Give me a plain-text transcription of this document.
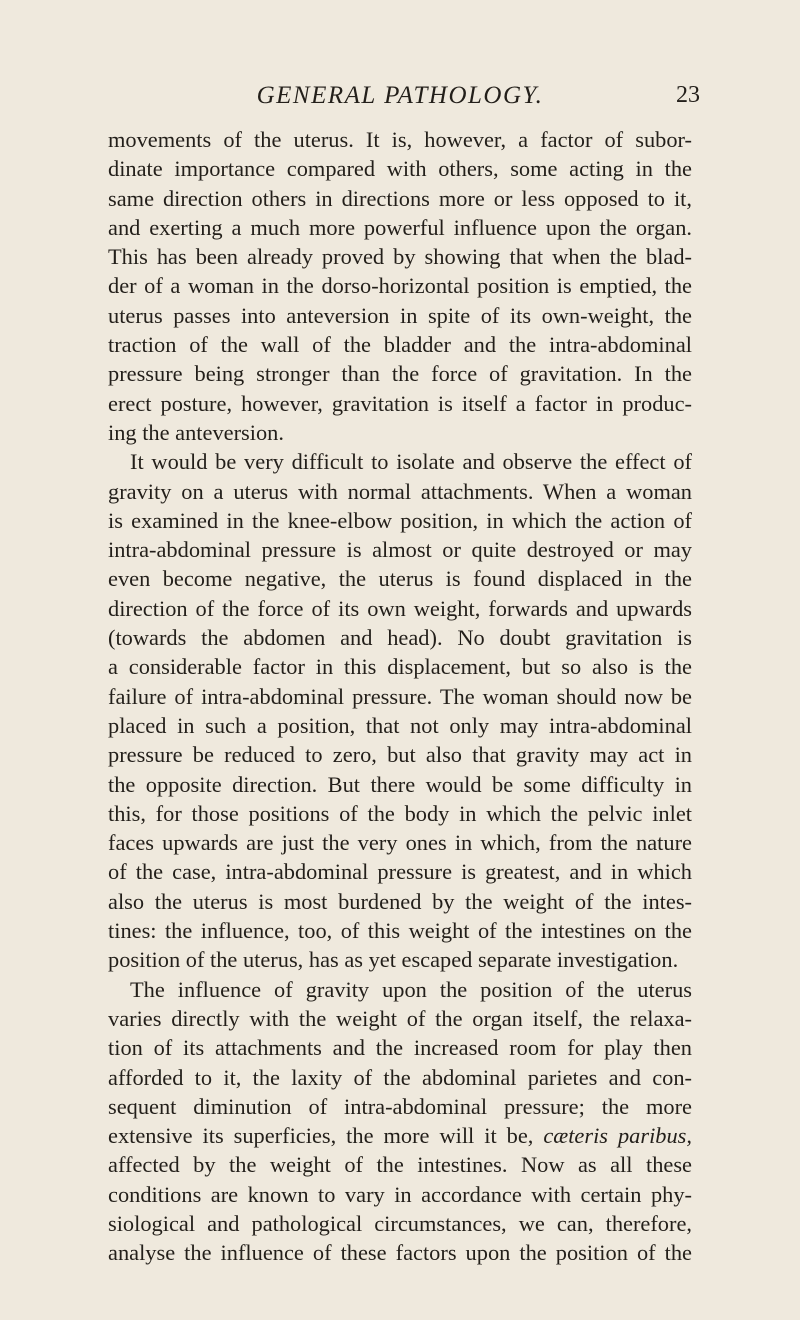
GENERAL PATHOLOGY.	23
movements of the uterus. It is, however, a factor of subor-
dinate importance compared with others, some acting in the
same direction others in directions more or less opposed to it,
and exerting a much more powerful influence upon the organ.
This has been already proved by showing that when the blad-
der of a woman in the dorso-horizontal position is emptied, the
uterus passes into anteversion in spite of its own-weight, the
traction of the wall of the bladder and the intra-abdominal
pressure being stronger than the force of gravitation. In the
erect posture, however, gravitation is itself a factor in produc-
ing the anteversion.
It would be very difficult to isolate and observe the effect of
gravity on a uterus with normal attachments. When a woman
is examined in the knee-elbow position, in which the action of
intra-abdominal pressure is almost or quite destroyed or may
even become negative, the uterus is found displaced in the
direction of the force of its own weight, forwards and upwards
(towards the abdomen and head). No doubt gravitation is
a considerable factor in this displacement, but so also is the
failure of intra-abdominal pressure. The woman should now be
placed in such a position, that not only may intra-abdominal
pressure be reduced to zero, but also that gravity may act in
the opposite direction. But there would be some difficulty in
this, for those positions of the body in which the pelvic inlet
faces upwards are just the very ones in which, from the nature
of the case, intra-abdominal pressure is greatest, and in which
also the uterus is most burdened by the weight of the intes-
tines: the influence, too, of this weight of the intestines on the
position of the uterus, has as yet escaped separate investigation.
The influence of gravity upon the position of the uterus
varies directly with the weight of the organ itself, the relaxa-
tion of its attachments and the increased room for play then
afforded to it, the laxity of the abdominal parietes and con-
sequent diminution of intra-abdominal pressure; the more
extensive its superficies, the more will it be, cæteris paribus,
affected by the weight of the intestines. Now as all these
conditions are known to vary in accordance with certain phy-
siological and pathological circumstances, we can, therefore,
analyse the influence of these factors upon the position of the
